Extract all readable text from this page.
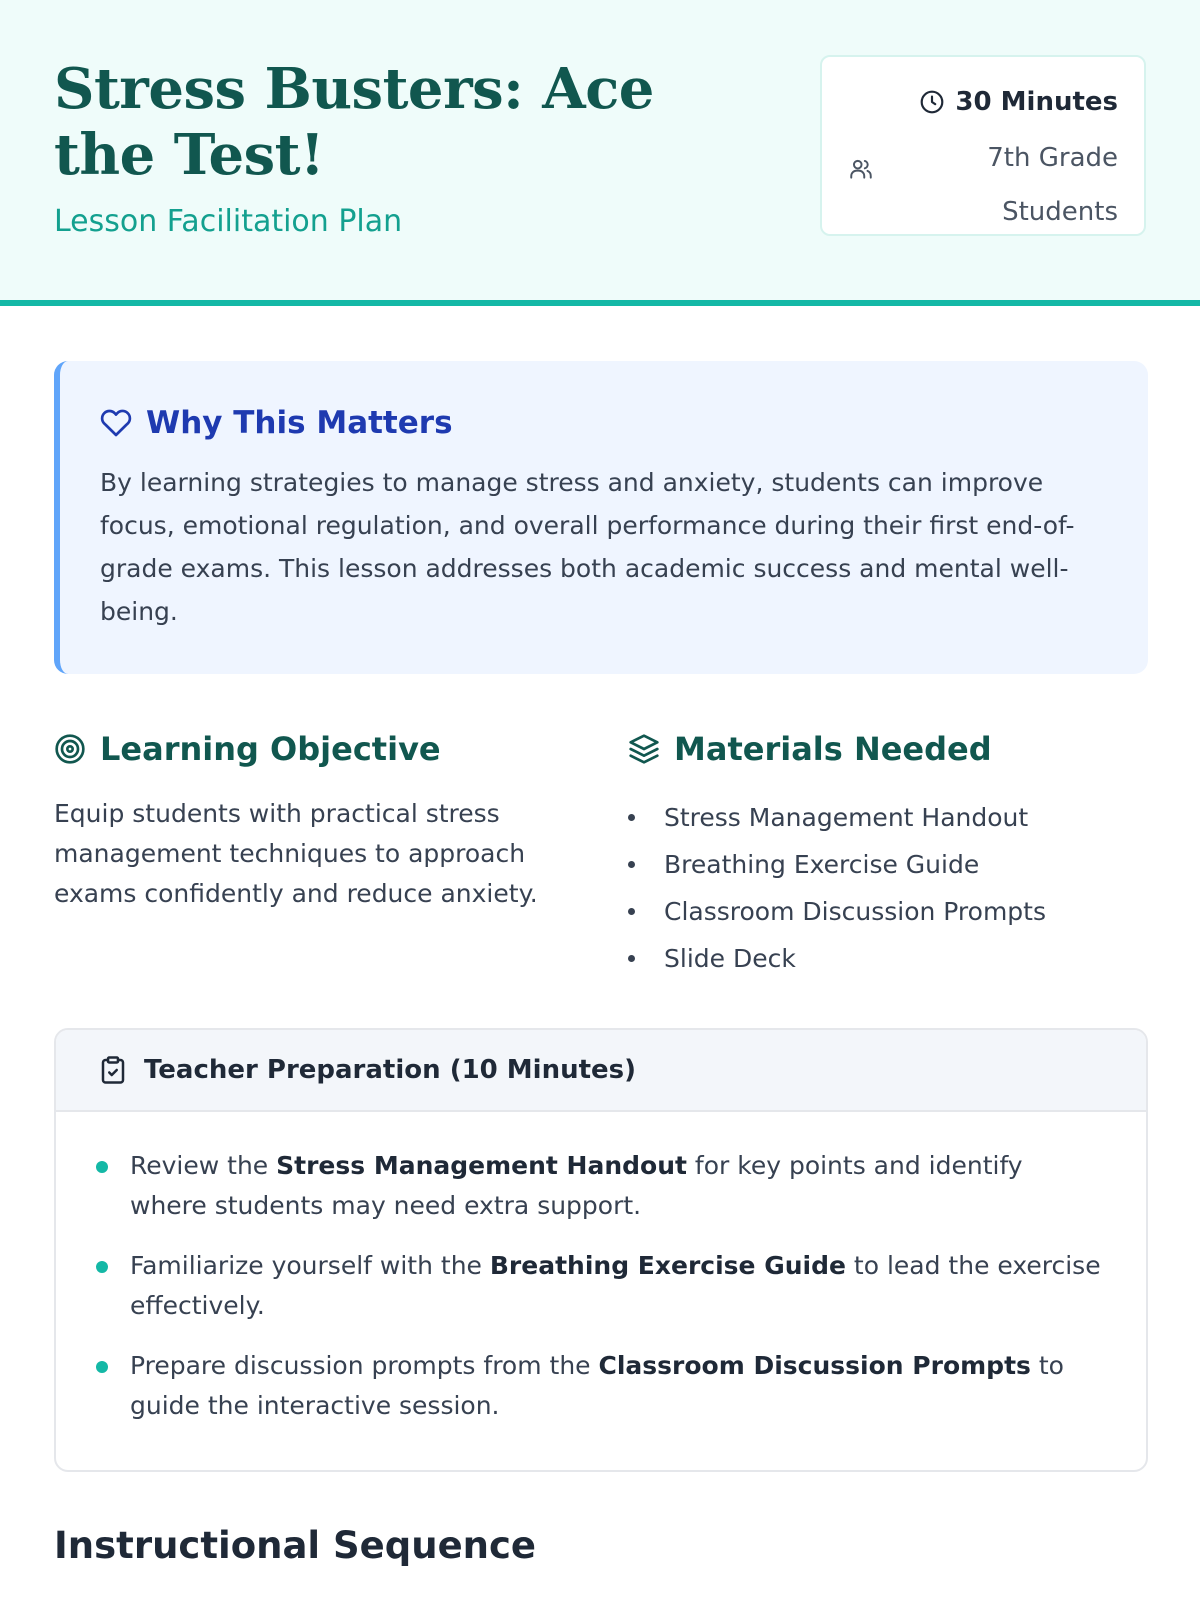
Stress Busters: Ace the Test!
Lesson Facilitation Plan
30 Minutes
7th Grade Students
Why This Matters

By learning strategies to manage stress and anxiety, students can improve focus, emotional regulation, and overall performance during their first end-of-grade exams. This lesson addresses both academic success and mental well-being.

Learning Objective

Equip students with practical stress management techniques to approach exams confidently and reduce anxiety.

Materials Needed
Stress Management Handout
Breathing Exercise Guide
Classroom Discussion Prompts
Slide Deck
Teacher Preparation (10 Minutes)
Review the Stress Management Handout for key points and identify where students may need extra support.
Familiarize yourself with the Breathing Exercise Guide to lead the exercise effectively.
Prepare discussion prompts from the Classroom Discussion Prompts to guide the interactive session.
Instructional Sequence
